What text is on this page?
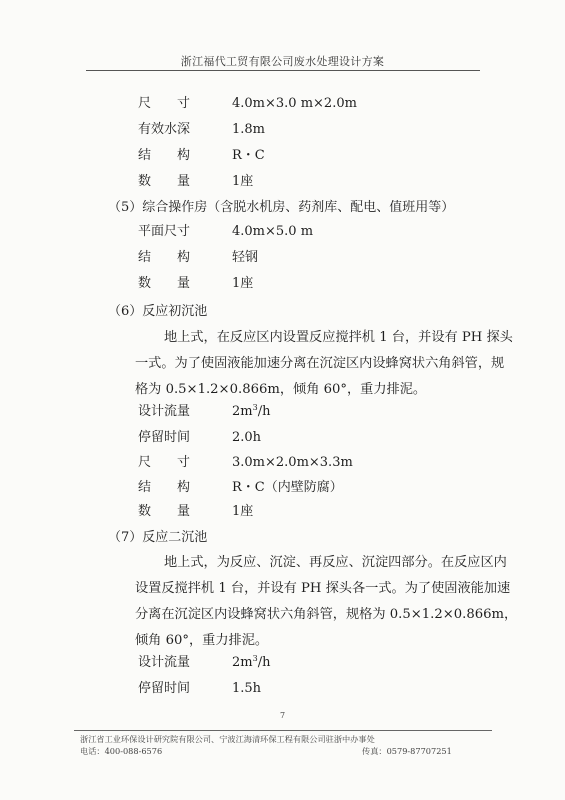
浙江福代工贸有限公司废水处理设计方案
尺　　寸	4.0m×3.0 m×2.0m
有效水深	1.8m
结　　构	R・C
数　　量	1座
（5）综合操作房（含脱水机房、药剂库、配电、值班用等）
平面尺寸	4.0m×5.0 m
结　　构	轻钢
数　　量	1座
（6）反应初沉池
地上式，在反应区内设置反应搅拌机 1 台，并设有 PH 探头
一式。为了使固液能加速分离在沉淀区内设蜂窝状六角斜管，规
格为 0.5×1.2×0.866m，倾角 60°，重力排泥。
设计流量	$2m^3/h$
停留时间	2.0h
尺　　寸	3.0m×2.0m×3.3m
结　　构	R・C（内壁防腐）
数　　量	1座
（7）反应二沉池
地上式，为反应、沉淀、再反应、沉淀四部分。在反应区内
设置反搅拌机 1 台，并设有 PH 探头各一式。为了使固液能加速
分离在沉淀区内设蜂窝状六角斜管，规格为 0.5×1.2×0.866m，
倾角 60°，重力排泥。
设计流量	$2m^3/h$
停留时间	1.5h
7
浙江省工业环保设计研究院有限公司、宁波江海清环保工程有限公司驻浙中办事处
电话：400-088-6576	传真：0579-87707251
